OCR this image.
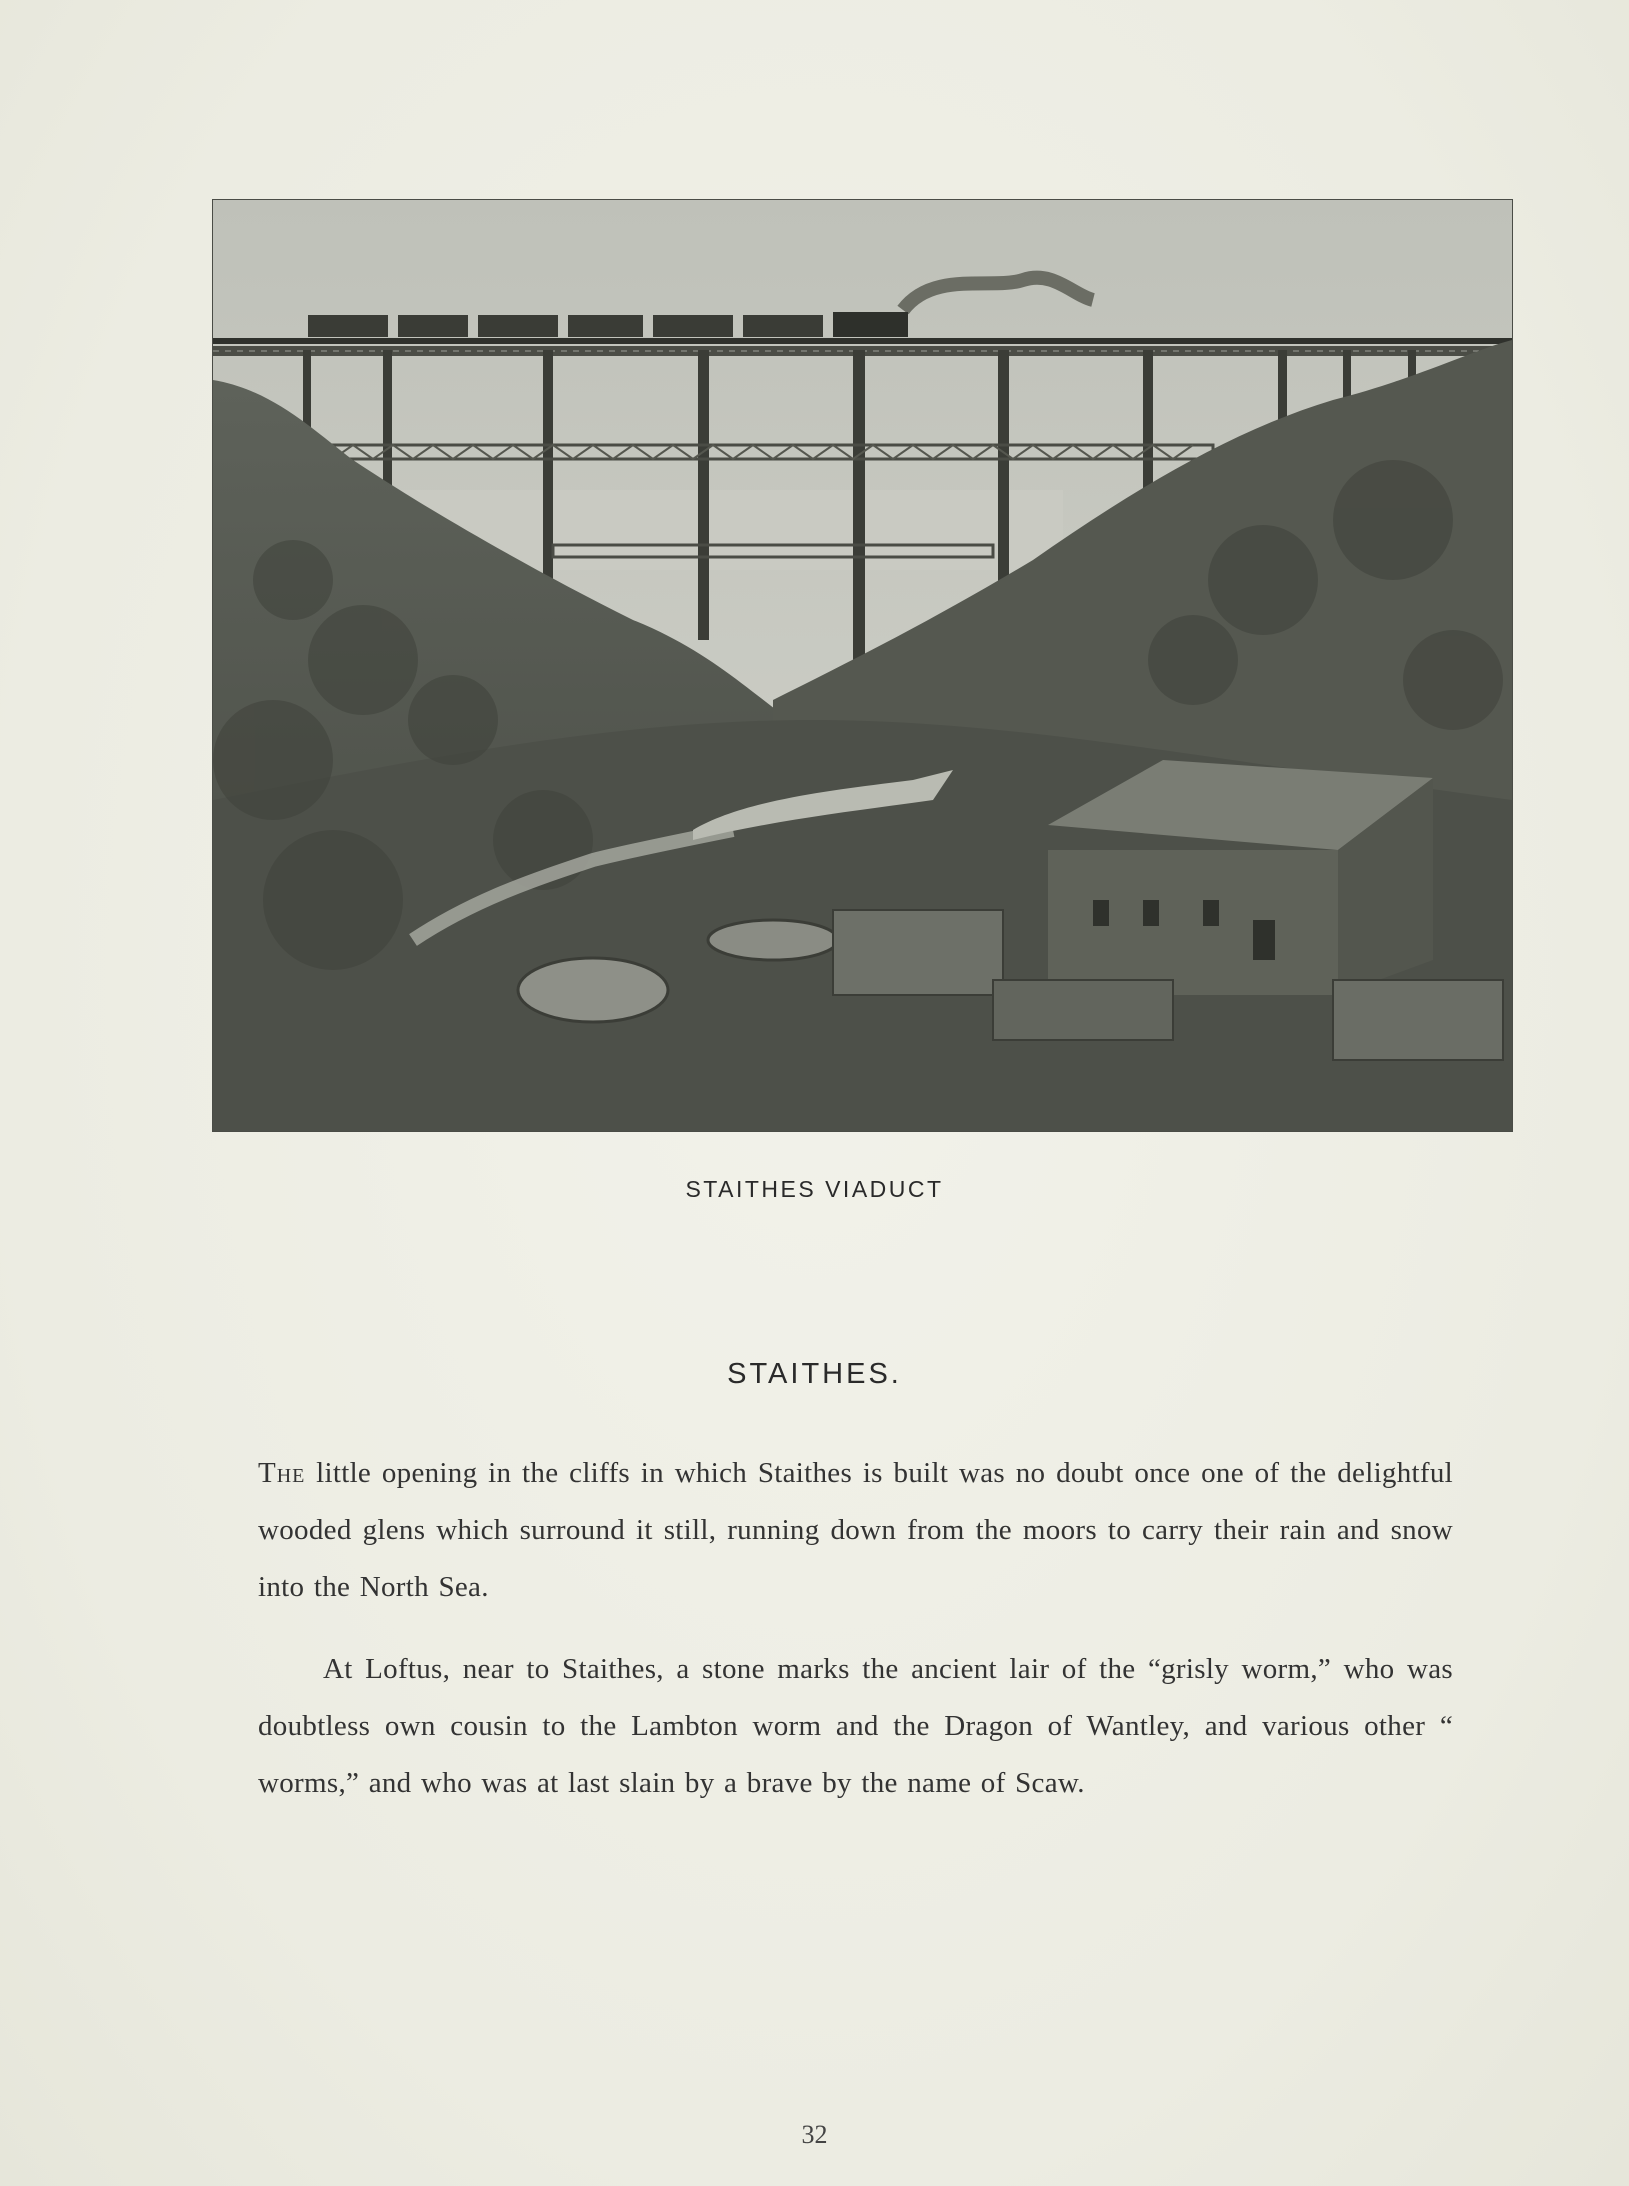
STAITHES VIADUCT
STAITHES.
The little opening in the cliffs in which Staithes is built was no doubt once one of the delightful wooded glens which surround it still, running down from the moors to carry their rain and snow into the North Sea.
At Loftus, near to Staithes, a stone marks the ancient lair of the “grisly worm,” who was doubtless own cousin to the Lambton worm and the Dragon of Wantley, and various other “ worms,” and who was at last slain by a brave by the name of Scaw.
32
